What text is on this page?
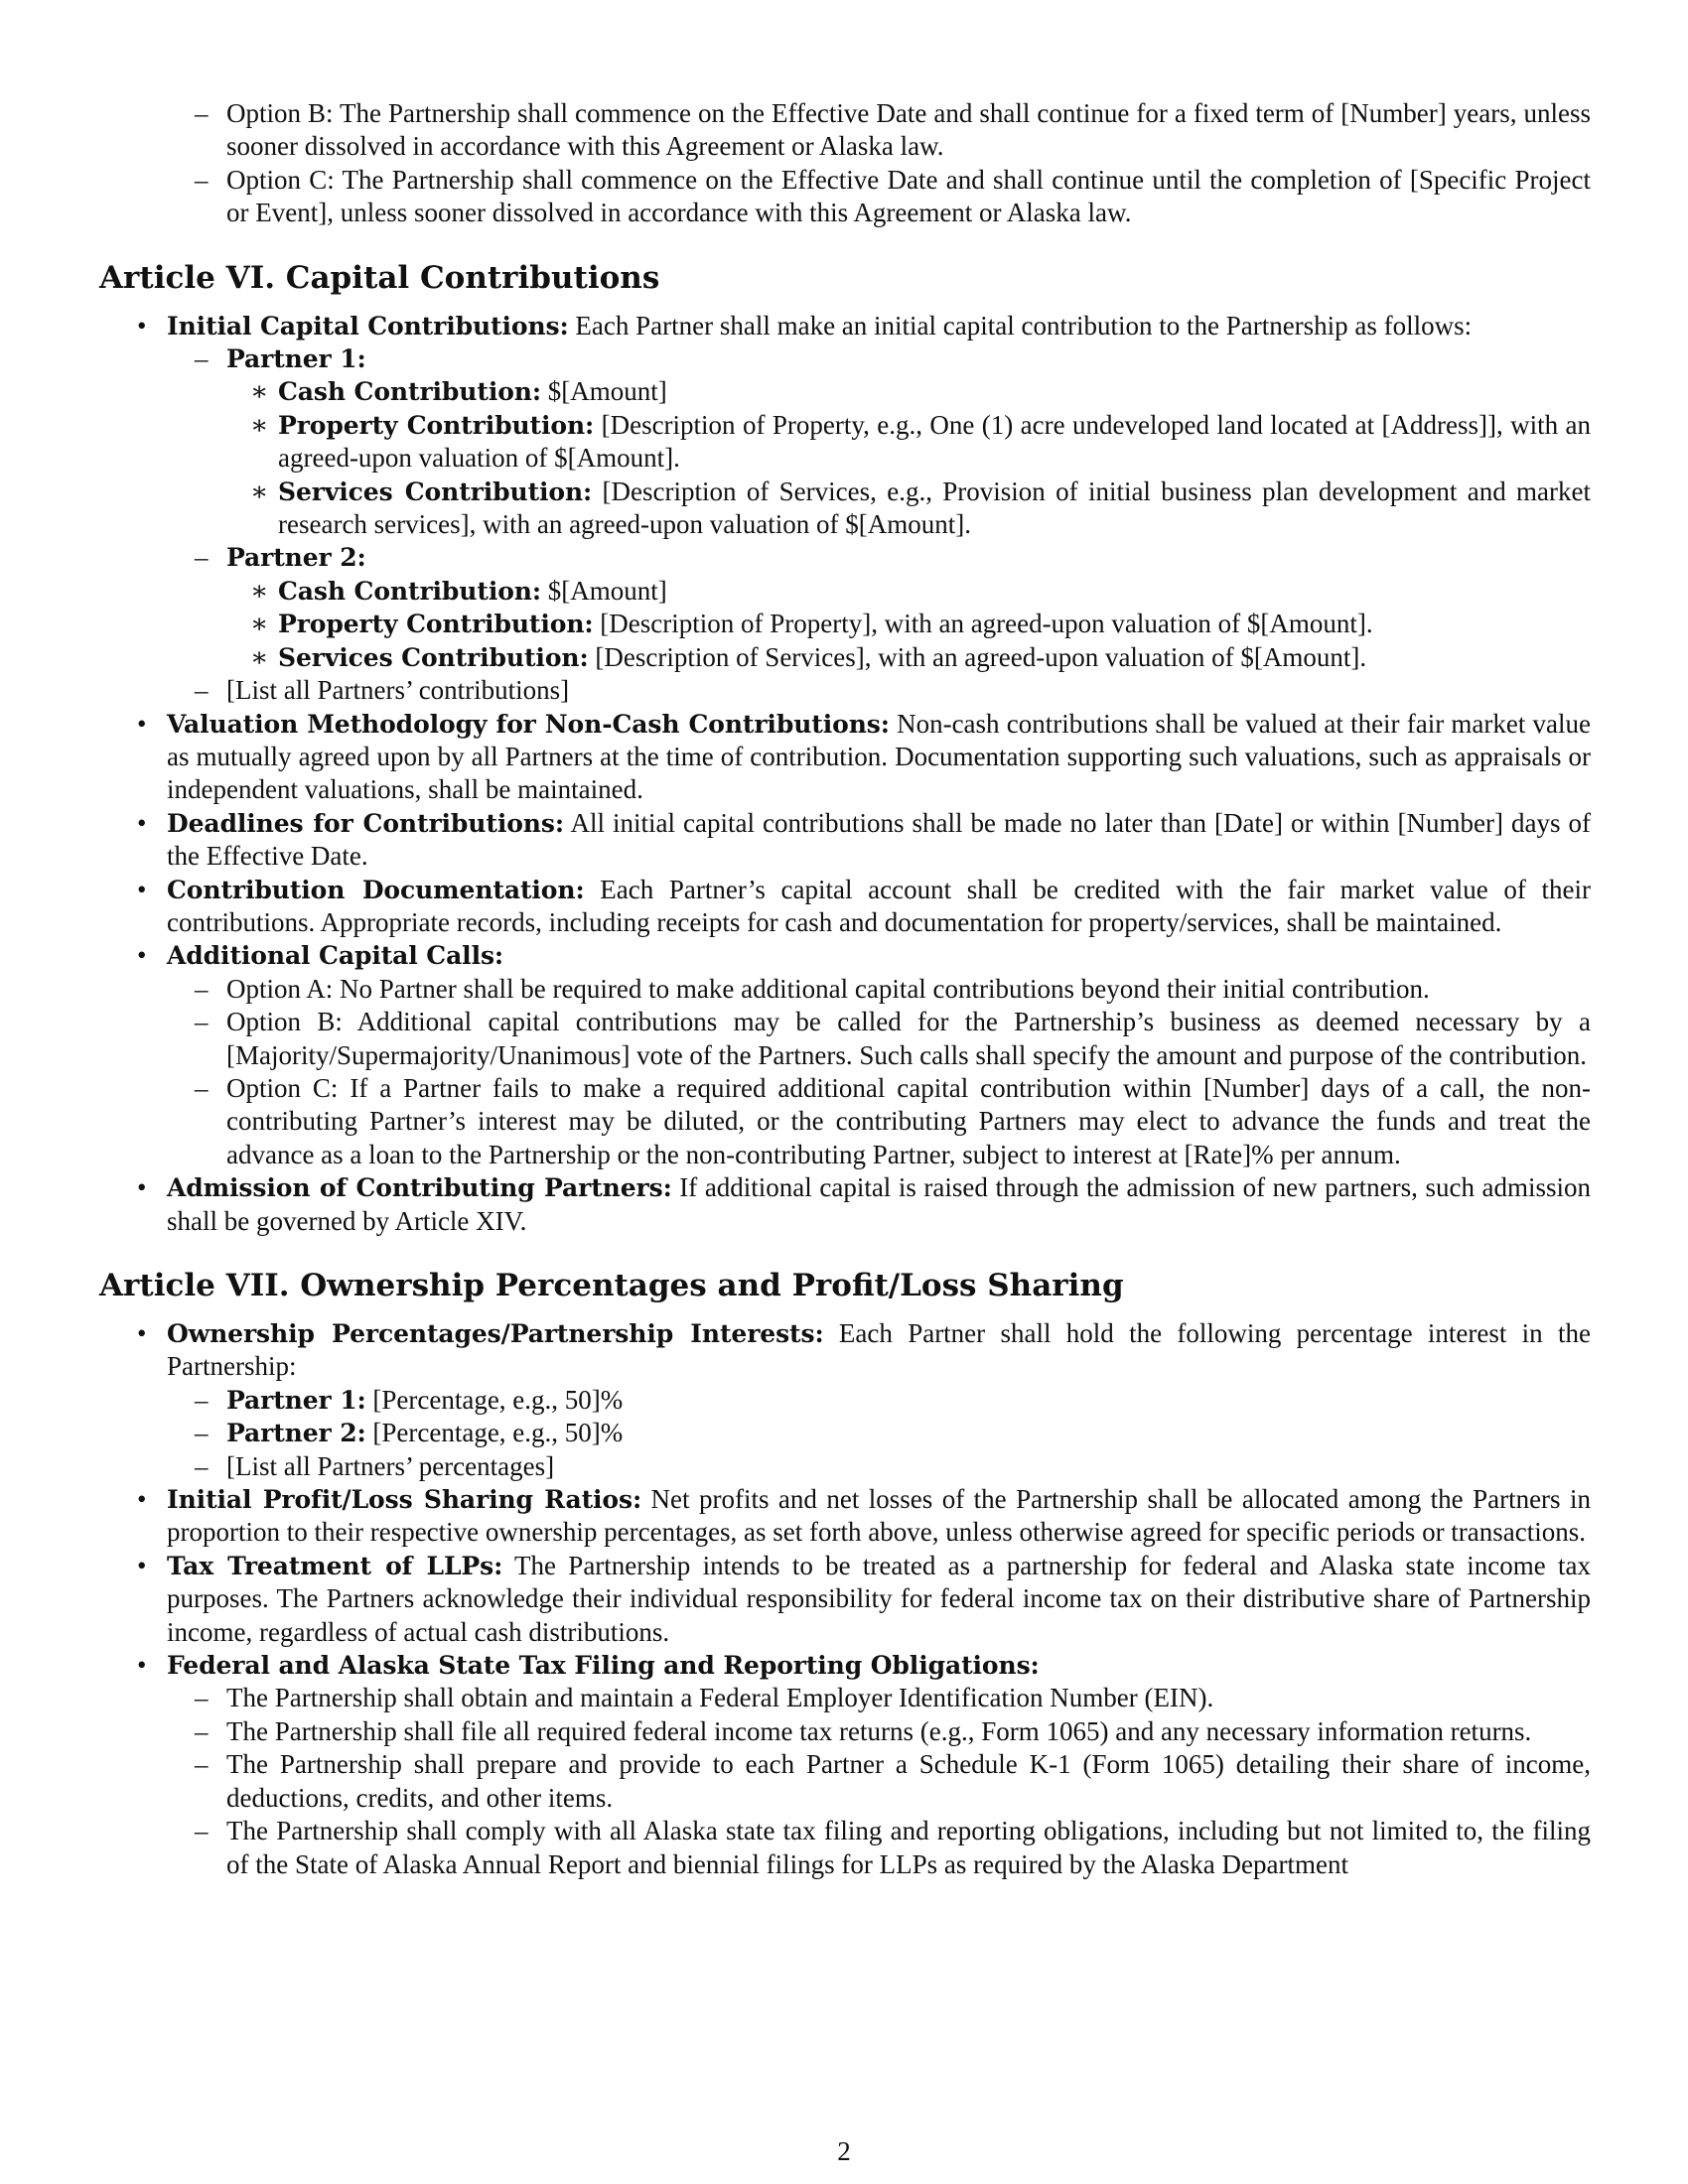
– Option B: The Partnership shall commence on the Effective Date and shall continue for a fixed term of [Number] years, unless sooner dissolved in accordance with this Agreement or Alaska law.
– Option C: The Partnership shall commence on the Effective Date and shall continue until the completion of [Specific Project or Event], unless sooner dissolved in accordance with this Agreement or Alaska law.
Article VI. Capital Contributions
• Initial Capital Contributions: Each Partner shall make an initial capital contribution to the Partnership as follows:
– Partner 1:
∗ Cash Contribution: $[Amount]
∗ Property Contribution: [Description of Property, e.g., One (1) acre undeveloped land located at [Address]], with an agreed-upon valuation of $[Amount].
∗ Services Contribution: [Description of Services, e.g., Provision of initial business plan development and market research services], with an agreed-upon valuation of $[Amount].
– Partner 2:
∗ Cash Contribution: $[Amount]
∗ Property Contribution: [Description of Property], with an agreed-upon valuation of $[Amount].
∗ Services Contribution: [Description of Services], with an agreed-upon valuation of $[Amount].
– [List all Partners’ contributions]
• Valuation Methodology for Non-Cash Contributions: Non-cash contributions shall be valued at their fair market value as mutually agreed upon by all Partners at the time of contribution. Documentation supporting such valuations, such as appraisals or independent valuations, shall be maintained.
• Deadlines for Contributions: All initial capital contributions shall be made no later than [Date] or within [Number] days of the Effective Date.
• Contribution Documentation: Each Partner’s capital account shall be credited with the fair market value of their contributions. Appropriate records, including receipts for cash and documentation for property/services, shall be maintained.
• Additional Capital Calls:
– Option A: No Partner shall be required to make additional capital contributions beyond their initial contribution.
– Option B: Additional capital contributions may be called for the Partnership’s business as deemed necessary by a [Majority/Supermajority/Unanimous] vote of the Partners. Such calls shall specify the amount and purpose of the contribution.
– Option C: If a Partner fails to make a required additional capital contribution within [Number] days of a call, the non-contributing Partner’s interest may be diluted, or the contributing Partners may elect to advance the funds and treat the advance as a loan to the Partnership or the non-contributing Partner, subject to interest at [Rate]% per annum.
• Admission of Contributing Partners: If additional capital is raised through the admission of new partners, such admission shall be governed by Article XIV.
Article VII. Ownership Percentages and Profit/Loss Sharing
• Ownership Percentages/Partnership Interests: Each Partner shall hold the following percentage interest in the Partnership:
– Partner 1: [Percentage, e.g., 50]%
– Partner 2: [Percentage, e.g., 50]%
– [List all Partners’ percentages]
• Initial Profit/Loss Sharing Ratios: Net profits and net losses of the Partnership shall be allocated among the Partners in proportion to their respective ownership percentages, as set forth above, unless otherwise agreed for specific periods or transactions.
• Tax Treatment of LLPs: The Partnership intends to be treated as a partnership for federal and Alaska state income tax purposes. The Partners acknowledge their individual responsibility for federal income tax on their distributive share of Partnership income, regardless of actual cash distributions.
• Federal and Alaska State Tax Filing and Reporting Obligations:
– The Partnership shall obtain and maintain a Federal Employer Identification Number (EIN).
– The Partnership shall file all required federal income tax returns (e.g., Form 1065) and any necessary information returns.
– The Partnership shall prepare and provide to each Partner a Schedule K-1 (Form 1065) detailing their share of income, deductions, credits, and other items.
– The Partnership shall comply with all Alaska state tax filing and reporting obligations, including but not limited to, the filing of the State of Alaska Annual Report and biennial filings for LLPs as required by the Alaska Department
2
